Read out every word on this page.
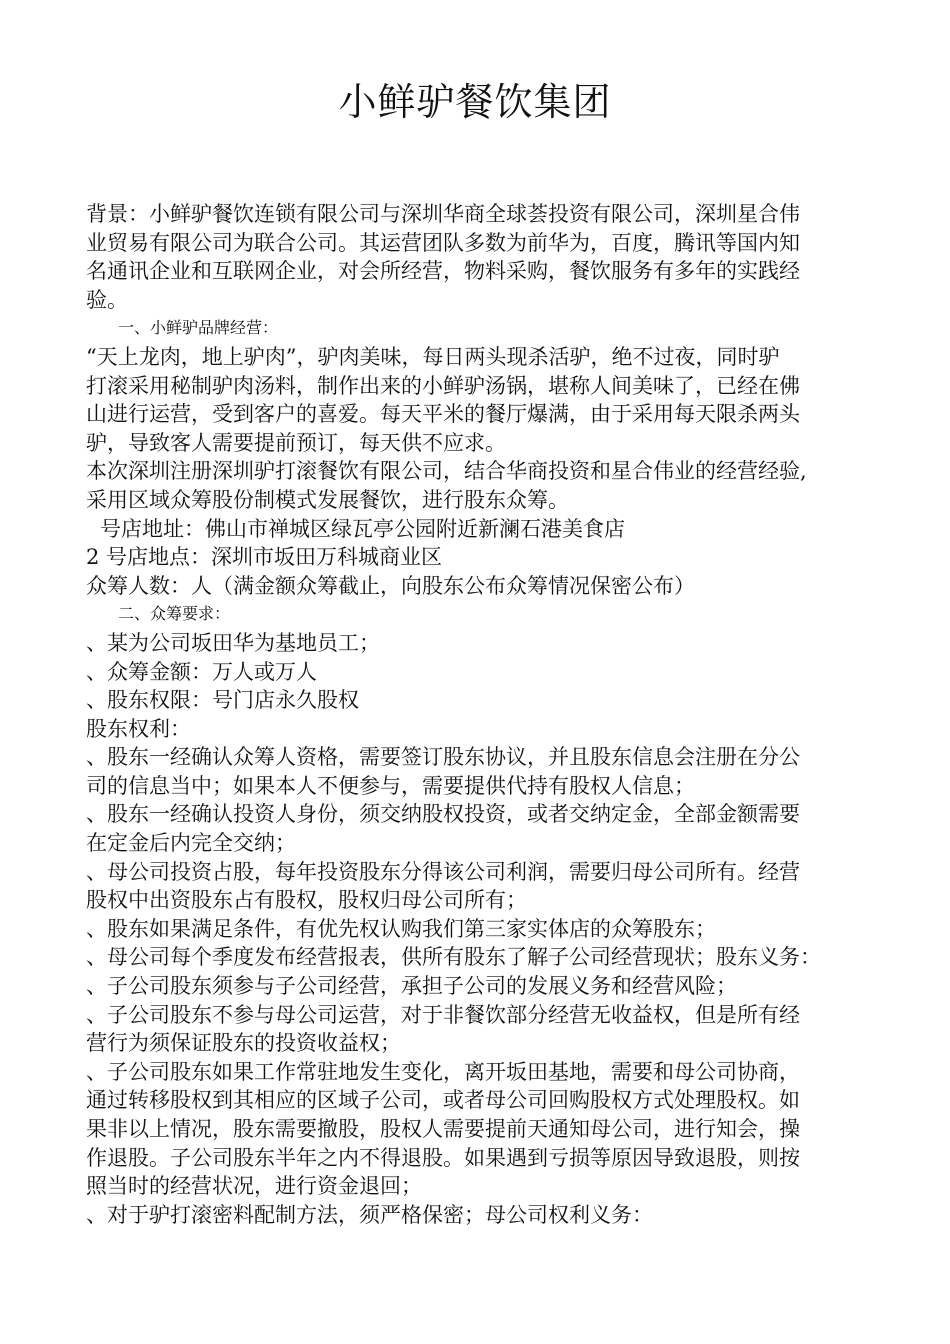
小鲜驴餐饮集团

背景：小鲜驴餐饮连锁有限公司与深圳华商全球荟投资有限公司，深圳星合伟

业贸易有限公司为联合公司。其运营团队多数为前华为，百度，腾讯等国内知

名通讯企业和互联网企业，对会所经营，物料采购，餐饮服务有多年的实践经

验。

一、小鲜驴品牌经营：

“天上龙肉，地上驴肉”，驴肉美味，每日两头现杀活驴，绝不过夜，同时驴

打滚采用秘制驴肉汤料，制作出来的小鲜驴汤锅，堪称人间美味了，已经在佛

山进行运营，受到客户的喜爱。每天平米的餐厅爆满，由于采用每天限杀两头

驴，导致客人需要提前预订，每天供不应求。

本次深圳注册深圳驴打滚餐饮有限公司，结合华商投资和星合伟业的经营经验,

采用区域众筹股份制模式发展餐饮，进行股东众筹。

号店地址：佛山市禅城区绿瓦亭公园附近新澜石港美食店

2 号店地点：深圳市坂田万科城商业区

众筹人数：人（满金额众筹截止，向股东公布众筹情况保密公布）

二、众筹要求：

、某为公司坂田华为基地员工；

、众筹金额：万人或万人

、股东权限：号门店永久股权

股东权利：

、股东一经确认众筹人资格，需要签订股东协议，并且股东信息会注册在分公

司的信息当中；如果本人不便参与，需要提供代持有股权人信息；

、股东一经确认投资人身份，须交纳股权投资，或者交纳定金，全部金额需要

在定金后内完全交纳；

、母公司投资占股，每年投资股东分得该公司利润，需要归母公司所有。经营

股权中出资股东占有股权，股权归母公司所有；

、股东如果满足条件，有优先权认购我们第三家实体店的众筹股东；

、母公司每个季度发布经营报表，供所有股东了解子公司经营现状；股东义务：

、子公司股东须参与子公司经营，承担子公司的发展义务和经营风险；

、子公司股东不参与母公司运营，对于非餐饮部分经营无收益权，但是所有经

营行为须保证股东的投资收益权；

、子公司股东如果工作常驻地发生变化，离开坂田基地，需要和母公司协商，

通过转移股权到其相应的区域子公司，或者母公司回购股权方式处理股权。如

果非以上情况，股东需要撤股，股权人需要提前天通知母公司，进行知会，操

作退股。子公司股东半年之内不得退股。如果遇到亏损等原因导致退股，则按

照当时的经营状况，进行资金退回；

、对于驴打滚密料配制方法，须严格保密；母公司权利义务：
